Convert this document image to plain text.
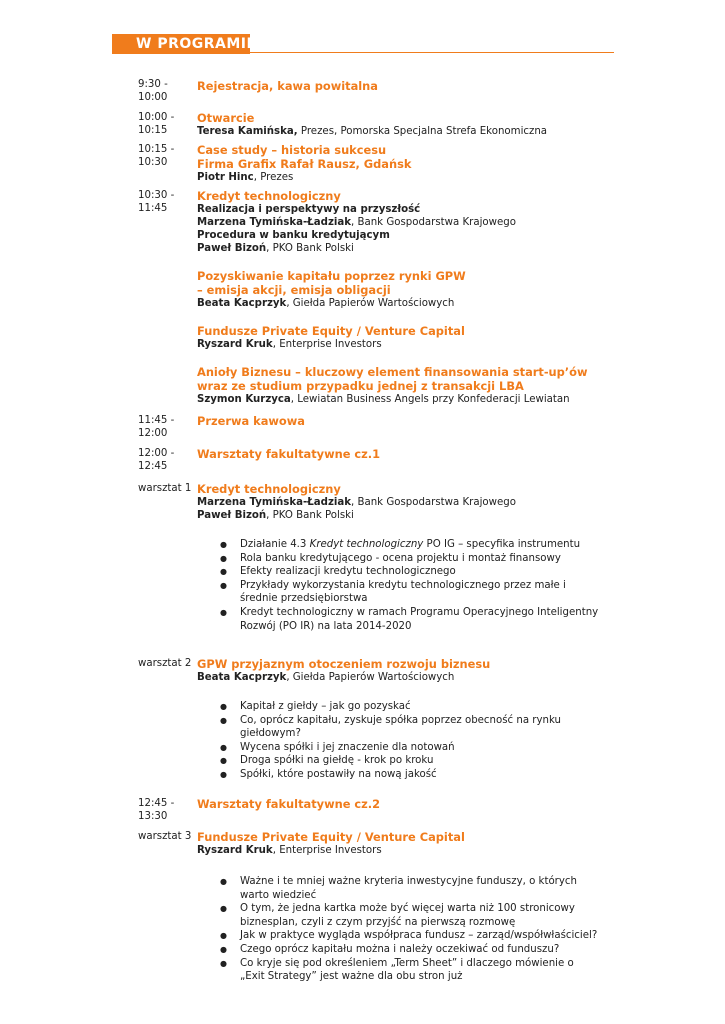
W PROGRAMIE
9:30 - 10:00
Rejestracja, kawa powitalna
10:00 - 10:15
Otwarcie
Teresa Kamińska, Prezes, Pomorska Specjalna Strefa Ekonomiczna
10:15 - 10:30
Case study – historia sukcesu
Firma Grafix Rafał Rausz, Gdańsk
Piotr Hinc, Prezes
10:30 - 11:45
Kredyt technologiczny
Realizacja i perspektywy na przyszłość
Marzena Tymińska-Ładziak, Bank Gospodarstwa Krajowego
Procedura w banku kredytującym
Paweł Bizoń, PKO Bank Polski
Pozyskiwanie kapitału poprzez rynki GPW
– emisja akcji, emisja obligacji
Beata Kacprzyk, Giełda Papierów Wartościowych
Fundusze Private Equity / Venture Capital
Ryszard Kruk, Enterprise Investors
Anioły Biznesu – kluczowy element finansowania start-up’ów
wraz ze studium przypadku jednej z transakcji LBA
Szymon Kurzyca, Lewiatan Business Angels przy Konfederacji Lewiatan
11:45 - 12:00
Przerwa kawowa
12:00 - 12:45
Warsztaty fakultatywne cz.1
warsztat 1 Kredyt technologiczny
Marzena Tymińska-Ładziak, Bank Gospodarstwa Krajowego
Paweł Bizoń, PKO Bank Polski
● Działanie 4.3 Kredyt technologiczny PO IG – specyfika instrumentu
● Rola banku kredytującego - ocena projektu i montaż finansowy
● Efekty realizacji kredytu technologicznego
● Przykłady wykorzystania kredytu technologicznego przez małe i średnie przedsiębiorstwa
● Kredyt technologiczny w ramach Programu Operacyjnego Inteligentny Rozwój (PO IR) na lata 2014-2020
warsztat 2 GPW przyjaznym otoczeniem rozwoju biznesu
Beata Kacprzyk, Giełda Papierów Wartościowych
● Kapitał z giełdy – jak go pozyskać
● Co, oprócz kapitału, zyskuje spółka poprzez obecność na rynku giełdowym?
● Wycena spółki i jej znaczenie dla notowań
● Droga spółki na giełdę - krok po kroku
● Spółki, które postawiły na nową jakość
12:45 - 13:30
Warsztaty fakultatywne cz.2
warsztat 3 Fundusze Private Equity / Venture Capital
Ryszard Kruk, Enterprise Investors
● Ważne i te mniej ważne kryteria inwestycyjne funduszy, o których warto wiedzieć
● O tym, że jedna kartka może być więcej warta niż 100 stronicowy biznesplan, czyli z czym przyjść na pierwszą rozmowę
● Jak w praktyce wygląda współpraca fundusz – zarząd/współwłaściciel?
● Czego oprócz kapitału można i należy oczekiwać od funduszu?
● Co kryje się pod określeniem „Term Sheet” i dlaczego mówienie o „Exit Strategy” jest ważne dla obu stron już
